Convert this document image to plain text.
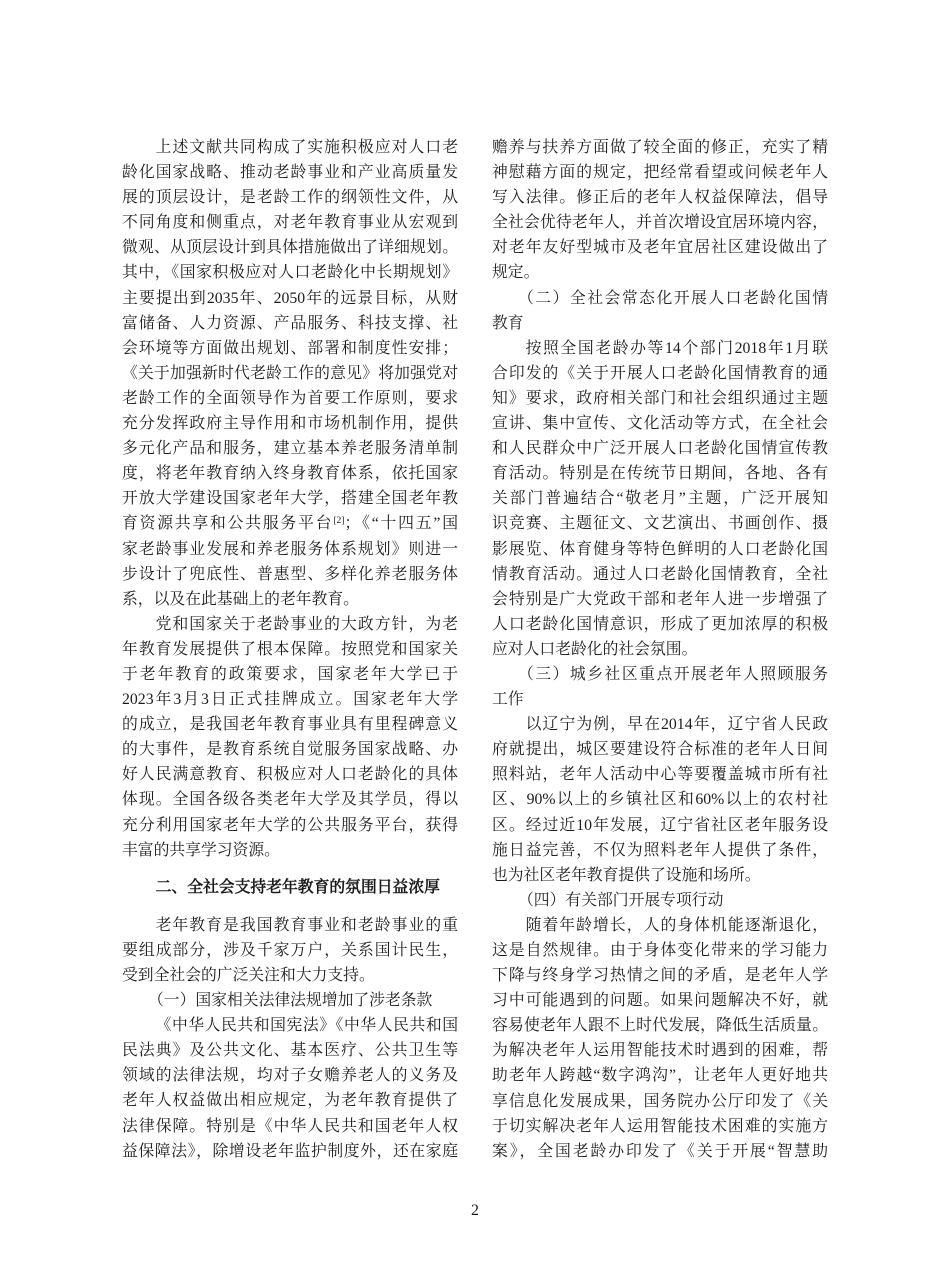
上述文献共同构成了实施积极应对人口老
龄化国家战略、推动老龄事业和产业高质量发
展的顶层设计，是老龄工作的纲领性文件，从
不同角度和侧重点，对老年教育事业从宏观到
微观、从顶层设计到具体措施做出了详细规划。
其中，《国家积极应对人口老龄化中长期规划》
主要提出到2035年、2050年的远景目标，从财
富储备、人力资源、产品服务、科技支撑、社
会环境等方面做出规划、部署和制度性安排；
《关于加强新时代老龄工作的意见》将加强党对
老龄工作的全面领导作为首要工作原则，要求
充分发挥政府主导作用和市场机制作用，提供
多元化产品和服务，建立基本养老服务清单制
度，将老年教育纳入终身教育体系，依托国家
开放大学建设国家老年大学，搭建全国老年教
育资源共享和公共服务平台[2]；《“十四五”国
家老龄事业发展和养老服务体系规划》则进一
步设计了兜底性、普惠型、多样化养老服务体
系，以及在此基础上的老年教育。
党和国家关于老龄事业的大政方针，为老
年教育发展提供了根本保障。按照党和国家关
于老年教育的政策要求，国家老年大学已于
2023年3月3日正式挂牌成立。国家老年大学
的成立，是我国老年教育事业具有里程碑意义
的大事件，是教育系统自觉服务国家战略、办
好人民满意教育、积极应对人口老龄化的具体
体现。全国各级各类老年大学及其学员，得以
充分利用国家老年大学的公共服务平台，获得
丰富的共享学习资源。
二、全社会支持老年教育的氛围日益浓厚
老年教育是我国教育事业和老龄事业的重
要组成部分，涉及千家万户，关系国计民生，
受到全社会的广泛关注和大力支持。
（一）国家相关法律法规增加了涉老条款
《中华人民共和国宪法》《中华人民共和国
民法典》及公共文化、基本医疗、公共卫生等
领域的法律法规，均对子女赡养老人的义务及
老年人权益做出相应规定，为老年教育提供了
法律保障。特别是《中华人民共和国老年人权
益保障法》，除增设老年监护制度外，还在家庭
赡养与扶养方面做了较全面的修正，充实了精
神慰藉方面的规定，把经常看望或问候老年人
写入法律。修正后的老年人权益保障法，倡导
全社会优待老年人，并首次增设宜居环境内容，
对老年友好型城市及老年宜居社区建设做出了
规定。
（二）全社会常态化开展人口老龄化国情
教育
按照全国老龄办等14个部门2018年1月联
合印发的《关于开展人口老龄化国情教育的通
知》要求，政府相关部门和社会组织通过主题
宣讲、集中宣传、文化活动等方式，在全社会
和人民群众中广泛开展人口老龄化国情宣传教
育活动。特别是在传统节日期间，各地、各有
关部门普遍结合“敬老月”主题，广泛开展知
识竞赛、主题征文、文艺演出、书画创作、摄
影展览、体育健身等特色鲜明的人口老龄化国
情教育活动。通过人口老龄化国情教育，全社
会特别是广大党政干部和老年人进一步增强了
人口老龄化国情意识，形成了更加浓厚的积极
应对人口老龄化的社会氛围。
（三）城乡社区重点开展老年人照顾服务
工作
以辽宁为例，早在2014年，辽宁省人民政
府就提出，城区要建设符合标准的老年人日间
照料站，老年人活动中心等要覆盖城市所有社
区、90%以上的乡镇社区和60%以上的农村社
区。经过近10年发展，辽宁省社区老年服务设
施日益完善，不仅为照料老年人提供了条件，
也为社区老年教育提供了设施和场所。
（四）有关部门开展专项行动
随着年龄增长，人的身体机能逐渐退化，
这是自然规律。由于身体变化带来的学习能力
下降与终身学习热情之间的矛盾，是老年人学
习中可能遇到的问题。如果问题解决不好，就
容易使老年人跟不上时代发展，降低生活质量。
为解决老年人运用智能技术时遇到的困难，帮
助老年人跨越“数字鸿沟”，让老年人更好地共
享信息化发展成果，国务院办公厅印发了《关
于切实解决老年人运用智能技术困难的实施方
案》，全国老龄办印发了《关于开展“智慧助
2
